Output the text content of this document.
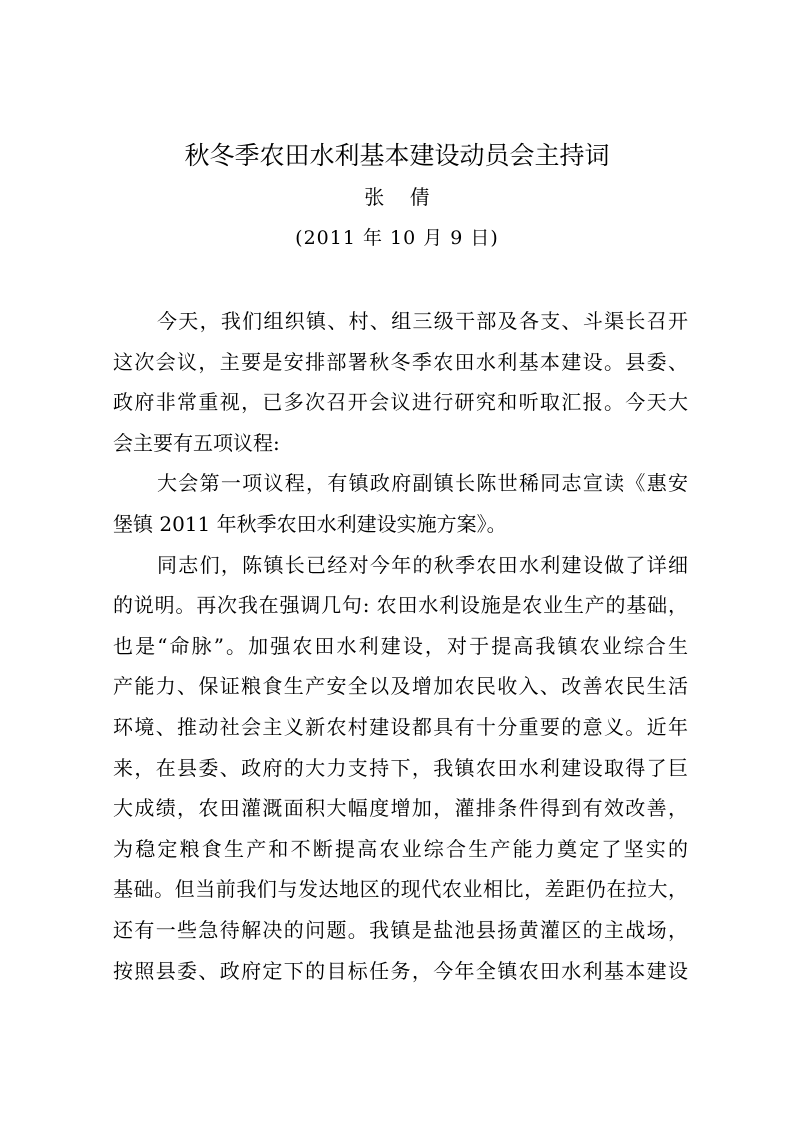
秋冬季农田水利基本建设动员会主持词
张    倩
(2011 年 10 月 9 日)
今天，我们组织镇、村、组三级干部及各支、斗渠长召开
这次会议，主要是安排部署秋冬季农田水利基本建设。县委、
政府非常重视，已多次召开会议进行研究和听取汇报。今天大
会主要有五项议程:
大会第一项议程，有镇政府副镇长陈世稀同志宣读《惠安
堡镇 2011 年秋季农田水利建设实施方案》。
同志们，陈镇长已经对今年的秋季农田水利建设做了详细
的说明。再次我在强调几句: 农田水利设施是农业生产的基础，
也是“命脉”。加强农田水利建设，对于提高我镇农业综合生
产能力、保证粮食生产安全以及增加农民收入、改善农民生活
环境、推动社会主义新农村建设都具有十分重要的意义。近年
来，在县委、政府的大力支持下，我镇农田水利建设取得了巨
大成绩，农田灌溉面积大幅度增加，灌排条件得到有效改善，
为稳定粮食生产和不断提高农业综合生产能力奠定了坚实的
基础。但当前我们与发达地区的现代农业相比，差距仍在拉大，
还有一些急待解决的问题。我镇是盐池县扬黄灌区的主战场，
按照县委、政府定下的目标任务，今年全镇农田水利基本建设
